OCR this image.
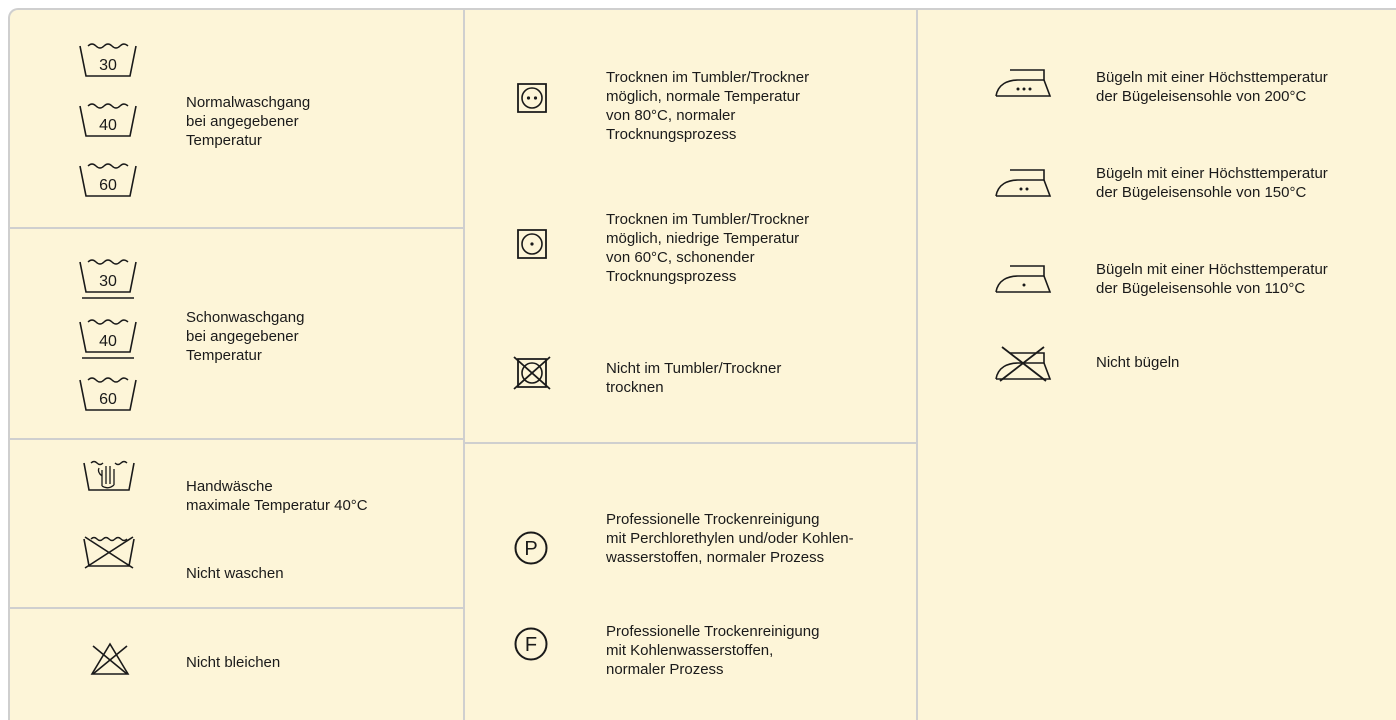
30
40
60
Normalwaschgang
bei angegebener
Temperatur
30
40
60
Schonwaschgang
bei angegebener
Temperatur
Handwäsche
maximale Temperatur 40°C
Nicht waschen
Nicht bleichen
Trocknen im Tumbler/Trockner
möglich, normale Temperatur
von 80°C, normaler
Trocknungsprozess
Trocknen im Tumbler/Trockner
möglich, niedrige Temperatur
von 60°C, schonender
Trocknungsprozess
Nicht im Tumbler/Trockner
trocknen
P
Professionelle Trockenreinigung
mit Perchlorethylen und/oder Kohlen-
wasserstoffen, normaler Prozess
F
Professionelle Trockenreinigung
mit Kohlenwasserstoffen,
normaler Prozess
Bügeln mit einer Höchsttemperatur
der Bügeleisensohle von 200°C
Bügeln mit einer Höchsttemperatur
der Bügeleisensohle von 150°C
Bügeln mit einer Höchsttemperatur
der Bügeleisensohle von 110°C
Nicht bügeln
